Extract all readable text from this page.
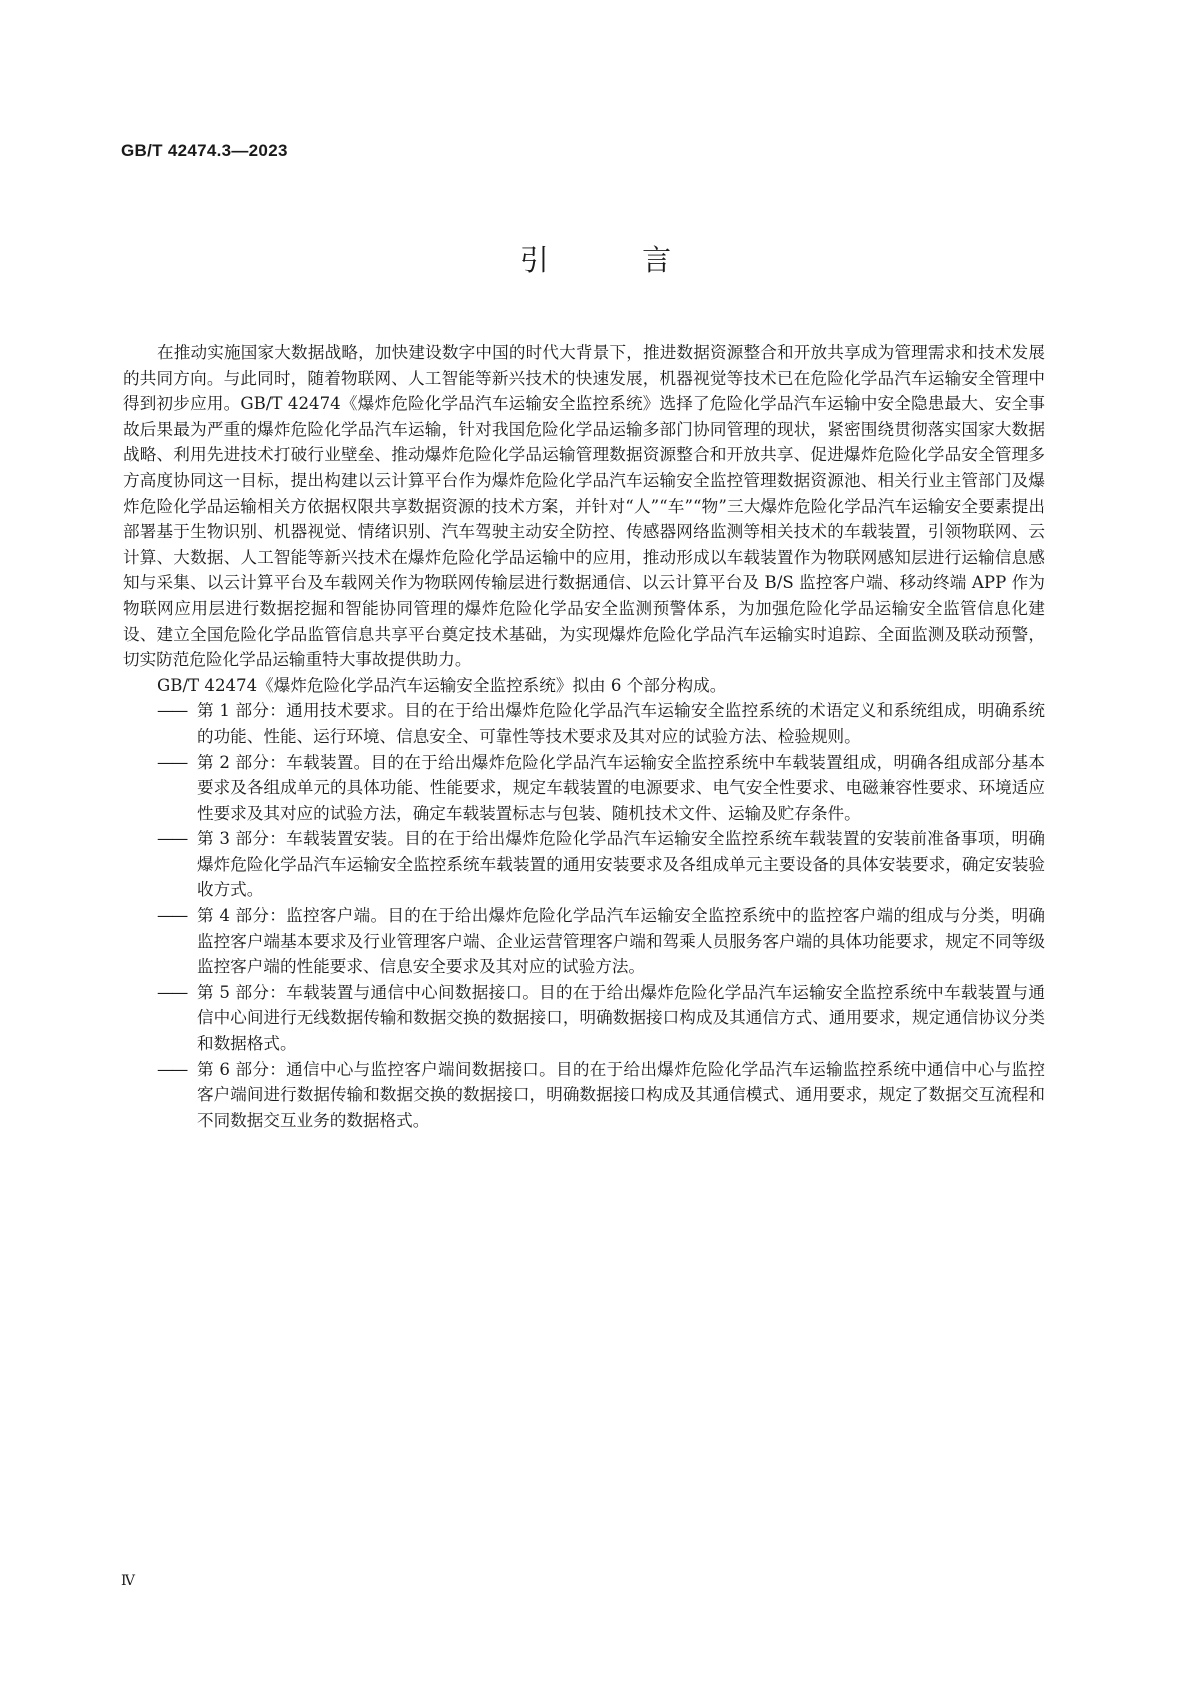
GB/T 42474.3—2023

引 言

在推动实施国家大数据战略，加快建设数字中国的时代大背景下，推进数据资源整合和开放共享成为管理需求和技术发展的共同方向。与此同时，随着物联网、人工智能等新兴技术的快速发展，机器视觉等技术已在危险化学品汽车运输安全管理中得到初步应用。GB/T 42474《爆炸危险化学品汽车运输安全监控系统》选择了危险化学品汽车运输中安全隐患最大、安全事故后果最为严重的爆炸危险化学品汽车运输，针对我国危险化学品运输多部门协同管理的现状，紧密围绕贯彻落实国家大数据战略、利用先进技术打破行业壁垒、推动爆炸危险化学品运输管理数据资源整合和开放共享、促进爆炸危险化学品安全管理多方高度协同这一目标，提出构建以云计算平台作为爆炸危险化学品汽车运输安全监控管理数据资源池、相关行业主管部门及爆炸危险化学品运输相关方依据权限共享数据资源的技术方案，并针对“人”“车”“物”三大爆炸危险化学品汽车运输安全要素提出部署基于生物识别、机器视觉、情绪识别、汽车驾驶主动安全防控、传感器网络监测等相关技术的车载装置，引领物联网、云计算、大数据、人工智能等新兴技术在爆炸危险化学品运输中的应用，推动形成以车载装置作为物联网感知层进行运输信息感知与采集、以云计算平台及车载网关作为物联网传输层进行数据通信、以云计算平台及 B/S 监控客户端、移动终端 APP 作为物联网应用层进行数据挖掘和智能协同管理的爆炸危险化学品安全监测预警体系，为加强危险化学品运输安全监管信息化建设、建立全国危险化学品监管信息共享平台奠定技术基础，为实现爆炸危险化学品汽车运输实时追踪、全面监测及联动预警，切实防范危险化学品运输重特大事故提供助力。

GB/T 42474《爆炸危险化学品汽车运输安全监控系统》拟由 6 个部分构成。

—— 第 1 部分：通用技术要求。目的在于给出爆炸危险化学品汽车运输安全监控系统的术语定义和系统组成，明确系统的功能、性能、运行环境、信息安全、可靠性等技术要求及其对应的试验方法、检验规则。
—— 第 2 部分：车载装置。目的在于给出爆炸危险化学品汽车运输安全监控系统中车载装置组成，明确各组成部分基本要求及各组成单元的具体功能、性能要求，规定车载装置的电源要求、电气安全性要求、电磁兼容性要求、环境适应性要求及其对应的试验方法，确定车载装置标志与包装、随机技术文件、运输及贮存条件。
—— 第 3 部分：车载装置安装。目的在于给出爆炸危险化学品汽车运输安全监控系统车载装置的安装前准备事项，明确爆炸危险化学品汽车运输安全监控系统车载装置的通用安装要求及各组成单元主要设备的具体安装要求，确定安装验收方式。
—— 第 4 部分：监控客户端。目的在于给出爆炸危险化学品汽车运输安全监控系统中的监控客户端的组成与分类，明确监控客户端基本要求及行业管理客户端、企业运营管理客户端和驾乘人员服务客户端的具体功能要求，规定不同等级监控客户端的性能要求、信息安全要求及其对应的试验方法。
—— 第 5 部分：车载装置与通信中心间数据接口。目的在于给出爆炸危险化学品汽车运输安全监控系统中车载装置与通信中心间进行无线数据传输和数据交换的数据接口，明确数据接口构成及其通信方式、通用要求，规定通信协议分类和数据格式。
—— 第 6 部分：通信中心与监控客户端间数据接口。目的在于给出爆炸危险化学品汽车运输监控系统中通信中心与监控客户端间进行数据传输和数据交换的数据接口，明确数据接口构成及其通信模式、通用要求，规定了数据交互流程和不同数据交互业务的数据格式。

Ⅳ
